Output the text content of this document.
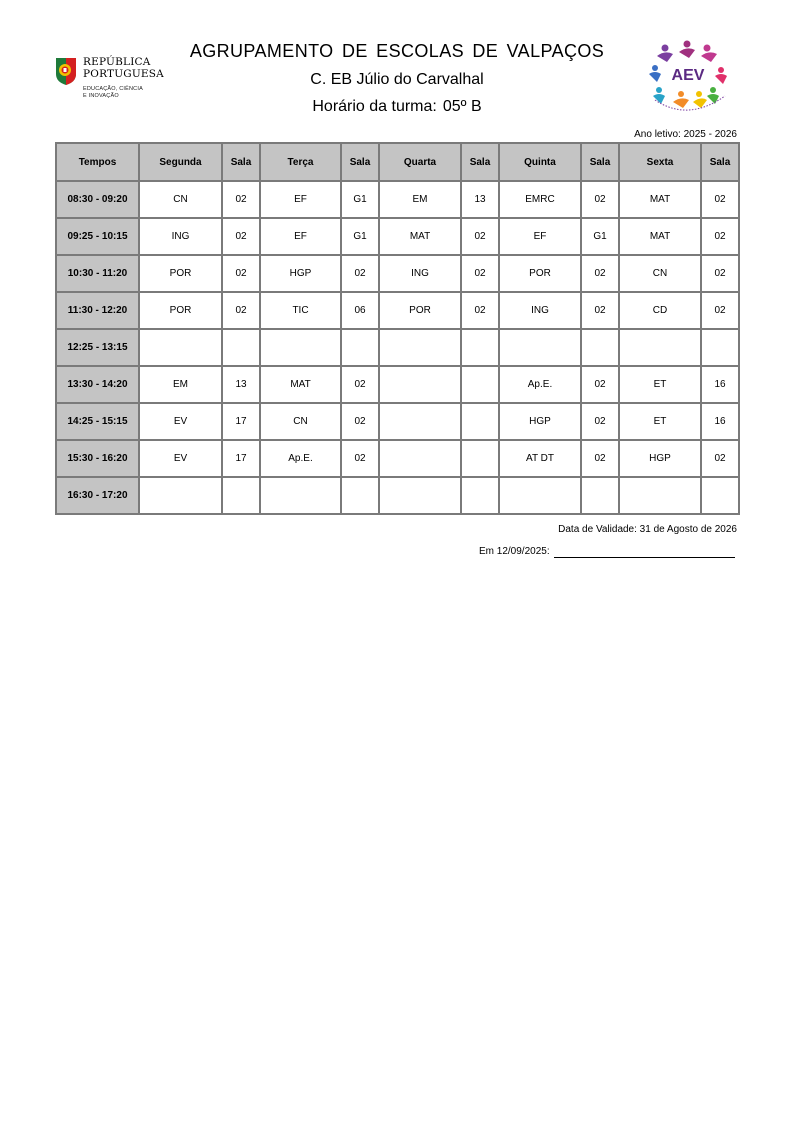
REPÚBLICA
PORTUGUESA
EDUCAÇÃO, CIÊNCIA
E INOVAÇÃO
AGRUPAMENTO DE ESCOLAS DE VALPAÇOS
C. EB Júlio do Carvalhal
Horário da turma: 05º B
AEV
Ano letivo: 2025 - 2026
Tempos	Segunda	Sala	Terça	Sala	Quarta	Sala	Quinta	Sala	Sexta	Sala
08:30 - 09:20	CN	02	EF	G1	EM	13	EMRC	02	MAT	02
09:25 - 10:15	ING	02	EF	G1	MAT	02	EF	G1	MAT	02
10:30 - 11:20	POR	02	HGP	02	ING	02	POR	02	CN	02
11:30 - 12:20	POR	02	TIC	06	POR	02	ING	02	CD	02
12:25 - 13:15										
13:30 - 14:20	EM	13	MAT	02			Ap.E.	02	ET	16
14:25 - 15:15	EV	17	CN	02			HGP	02	ET	16
15:30 - 16:20	EV	17	Ap.E.	02			AT DT	02	HGP	02
16:30 - 17:20										
Data de Validade: 31 de Agosto de 2026
Em 12/09/2025:
